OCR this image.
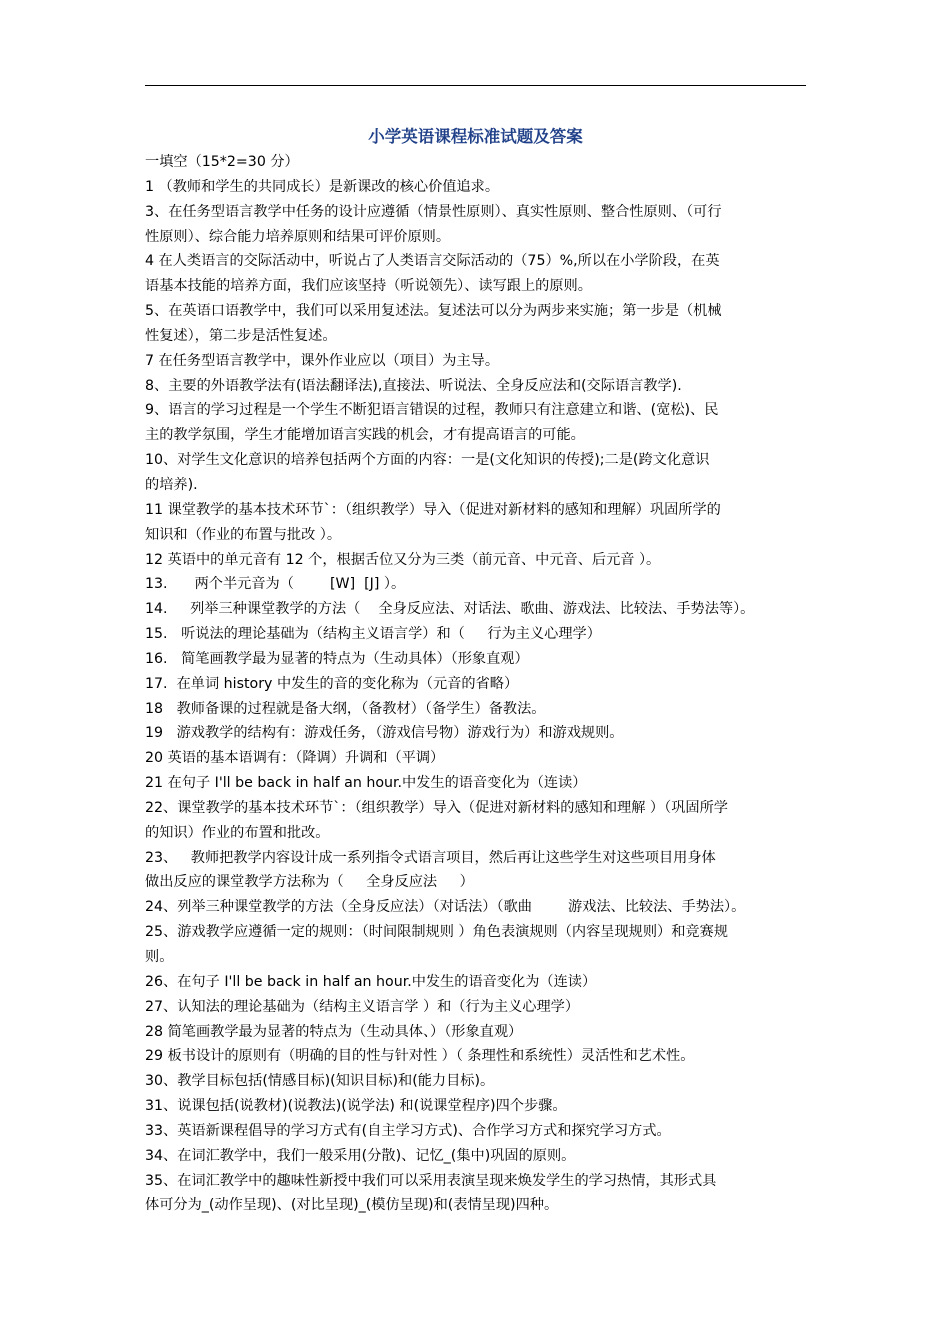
小学英语课程标准试题及答案
一填空（15*2=30 分）
1 （教师和学生的共同成长）是新课改的核心价值追求。
3、在任务型语言教学中任务的设计应遵循（情景性原则）、真实性原则、整合性原则、（可行
性原则）、综合能力培养原则和结果可评价原则。
4 在人类语言的交际活动中，听说占了人类语言交际活动的（75）%,所以在小学阶段，在英
语基本技能的培养方面，我们应该坚持（听说领先）、读写跟上的原则。
5、在英语口语教学中，我们可以采用复述法。复述法可以分为两步来实施；第一步是（机械
性复述），第二步是活性复述。
7 在任务型语言教学中，课外作业应以（项目）为主导。
8、主要的外语教学法有(语法翻译法),直接法、听说法、全身反应法和(交际语言教学).
9、语言的学习过程是一个学生不断犯语言错误的过程，教师只有注意建立和谐、(宽松)、民
主的教学氛围，学生才能增加语言实践的机会，才有提高语言的可能。
10、对学生文化意识的培养包括两个方面的内容：一是(文化知识的传授);二是(跨文化意识
的培养).
11 课堂教学的基本技术环节`：（组织教学）导入（促进对新材料的感知和理解）巩固所学的
知识和（作业的布置与批改 ）。
12 英语中的单元音有 12 个，根据舌位又分为三类（前元音、中元音、后元音 ）。
13.      两个半元音为（        [W]  [J] ）。
14.     列举三种课堂教学的方法（    全身反应法、对话法、歌曲、游戏法、比较法、手势法等）。
15.   听说法的理论基础为（结构主义语言学）和（     行为主义心理学）
16.   简笔画教学最为显著的特点为（生动具体）（形象直观）
17.  在单词 history 中发生的音的变化称为（元音的省略）
18   教师备课的过程就是备大纲，（备教材）（备学生）备教法。
19   游戏教学的结构有：游戏任务，（游戏信号物）游戏行为）和游戏规则。
20 英语的基本语调有：（降调）升调和（平调）
21 在句子 I'll be back in half an hour.中发生的语音变化为（连读）
22、课堂教学的基本技术环节`：（组织教学）导入（促进对新材料的感知和理解 ）（巩固所学
的知识）作业的布置和批改。
23、   教师把教学内容设计成一系列指令式语言项目，然后再让这些学生对这些项目用身体
做出反应的课堂教学方法称为（     全身反应法     ）
24、列举三种课堂教学的方法（全身反应法）（对话法）（歌曲        游戏法、比较法、手势法）。
25、游戏教学应遵循一定的规则：（时间限制规则 ）角色表演规则（内容呈现规则）和竞赛规
则。
26、在句子 I'll be back in half an hour.中发生的语音变化为（连读）
27、认知法的理论基础为（结构主义语言学 ）和（行为主义心理学）
28 简笔画教学最为显著的特点为（生动具体、）（形象直观）
29 板书设计的原则有（明确的目的性与针对性 ）（ 条理性和系统性）灵活性和艺术性。
30、教学目标包括(情感目标)(知识目标)和(能力目标)。
31、说课包括(说教材)(说教法)(说学法) 和(说课堂程序)四个步骤。
33、英语新课程倡导的学习方式有(自主学习方式)、合作学习方式和探究学习方式。
34、在词汇教学中，我们一般采用(分散)、记忆_(集中)巩固的原则。
35、在词汇教学中的趣味性新授中我们可以采用表演呈现来焕发学生的学习热情，其形式具
体可分为_(动作呈现)、(对比呈现)_(模仿呈现)和(表情呈现)四种。
